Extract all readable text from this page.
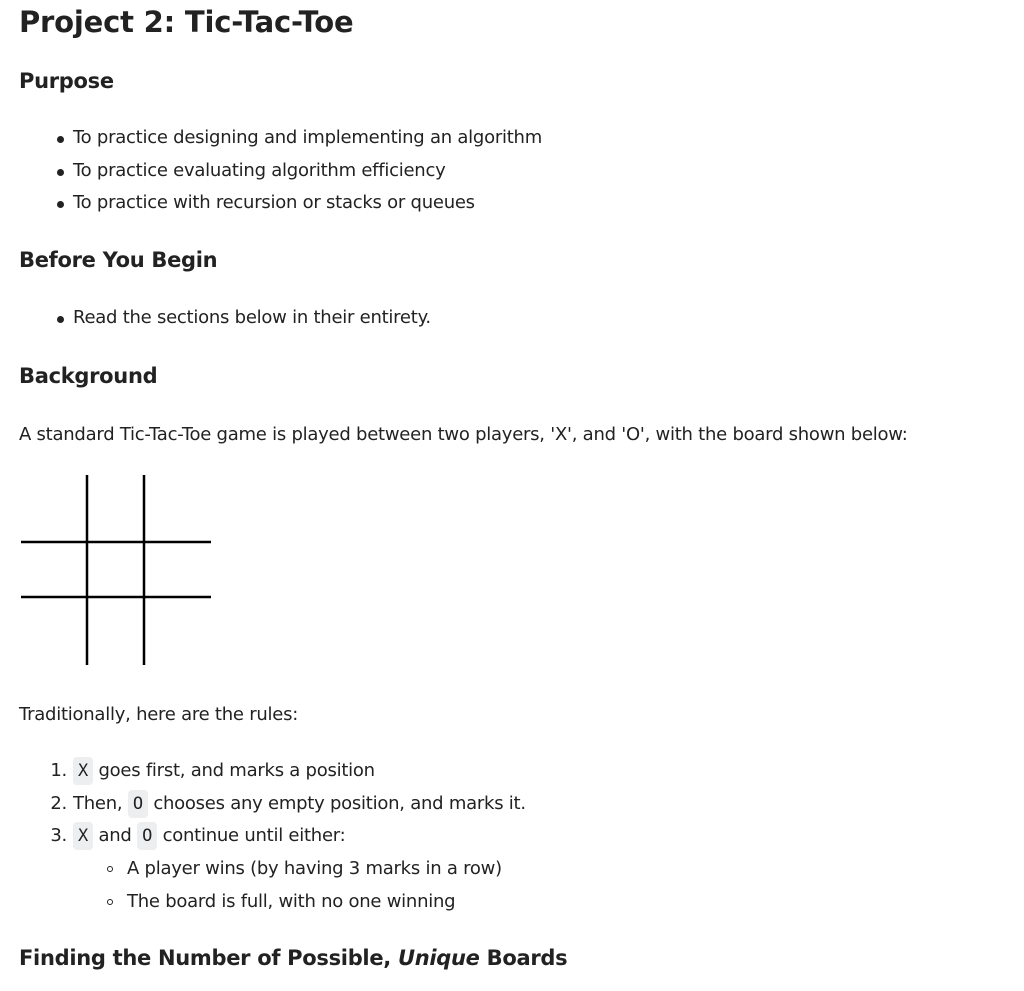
Project 2: Tic-Tac-Toe
Purpose
To practice designing and implementing an algorithm
To practice evaluating algorithm efficiency
To practice with recursion or stacks or queues
Before You Begin
Read the sections below in their entirety.
Background

A standard Tic-Tac-Toe game is played between two players, 'X', and 'O', with the board shown below:

Traditionally, here are the rules:

1. X goes first, and marks a position
2. Then, O chooses any empty position, and marks it.
3. X and O continue until either:
A player wins (by having 3 marks in a row)
The board is full, with no one winning
Finding the Number of Possible, Unique Boards
